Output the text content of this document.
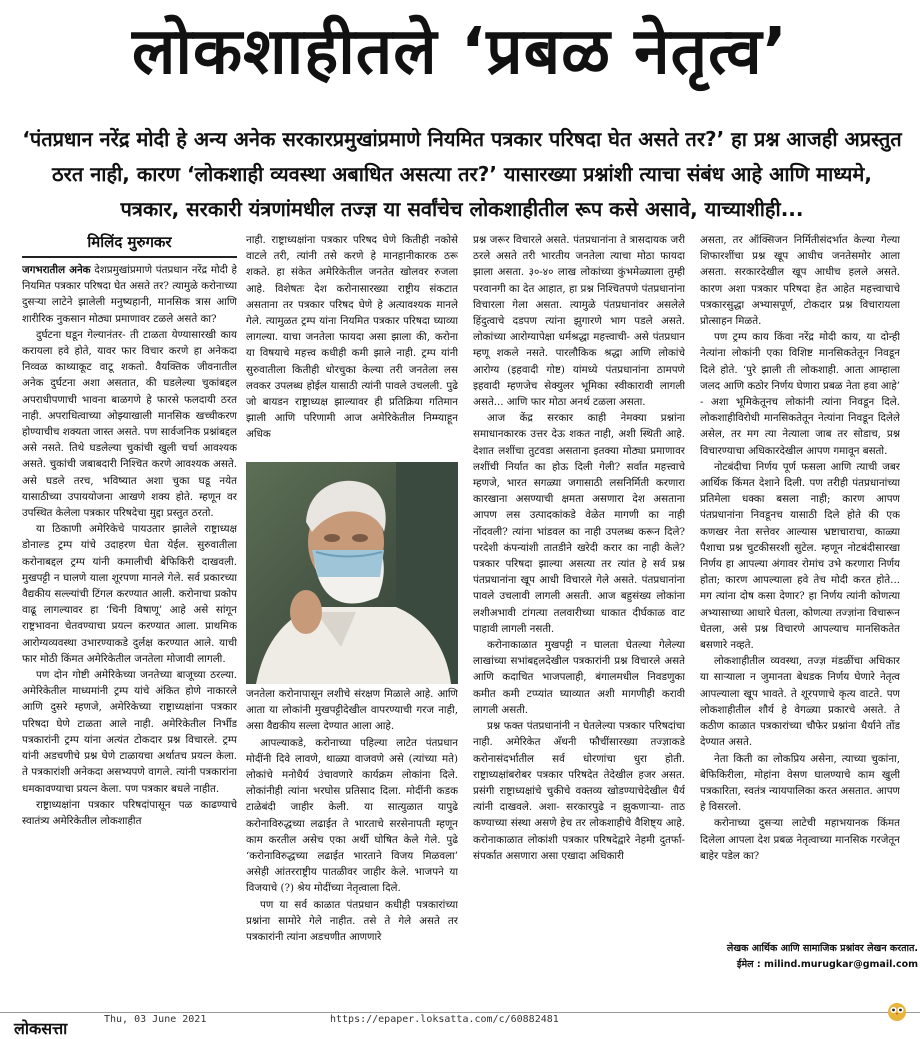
लोकशाहीतले ‘प्रबळ नेतृत्व’
‘पंतप्रधान नरेंद्र मोदी हे अन्य अनेक सरकारप्रमुखांप्रमाणे नियमित पत्रकार परिषदा घेत असते तर?’ हा प्रश्न आजही अप्रस्तुत ठरत नाही, कारण ‘लोकशाही व्यवस्था अबाधित असत्या तर?’ यासारख्या प्रश्नांशी त्याचा संबंध आहे आणि माध्यमे, पत्रकार, सरकारी यंत्रणांमधील तज्ज्ञ या सर्वांचेच लोकशाहीतील रूप कसे असावे, याच्याशीही...
मिलिंद मुरुगकर

जगभरातील अनेक देशप्रमुखांप्रमाणे पंतप्रधान नरेंद्र मोदी हे नियमित पत्रकार परिषदा घेत असते तर? त्यामुळे करोनाच्या दुसऱ्या लाटेने झालेली मनुष्यहानी, मानसिक त्रास आणि शारीरिक नुकसान मोठ्या प्रमाणावर टळले असते का?

दुर्घटना घडून गेल्यानंतर- ती टाळता येण्यासारखी काय करायला हवे होते, यावर फार विचार करणे हा अनेकदा निव्वळ काथ्याकूट वाटू शकतो. वैयक्तिक जीवनातील अनेक दुर्घटना अशा असतात, की घडलेल्या चुकांबद्दल अपराधीपणाची भावना बाळगणे हे फारसे फलदायी ठरत नाही. अपराधित्वाच्या ओझ्याखाली मानसिक खच्चीकरण होण्याचीच शक्यता जास्त असते. पण सार्वजनिक प्रश्नांबद्दल असे नसते. तिथे घडलेल्या चुकांची खुली चर्चा आवश्यक असते. चुकांची जबाबदारी निश्चित करणे आवश्यक असते. असे घडले तरच, भविष्यात अशा चुका घडू नयेत यासाठीच्या उपाययोजना आखणे शक्य होते. म्हणून वर उपस्थित केलेला पत्रकार परिषदेचा मुद्दा प्रस्तुत ठरतो.

या ठिकाणी अमेरिकेचे पायउतार झालेले राष्ट्राध्यक्ष डोनाल्ड ट्रम्प यांचे उदाहरण घेता येईल. सुरुवातीला करोनाबद्दल ट्रम्प यांनी कमालीची बेफिकिरी दाखवली. मुखपट्टी न घालणे याला शूरपणा मानले गेले. सर्व प्रकारच्या वैद्यकीय सल्ल्यांची टिंगल करण्यात आली. करोनाचा प्रकोप वाढू लागल्यावर हा ‘चिनी विषाणू’ आहे असे सांगून राष्ट्रभावना चेतवण्याचा प्रयत्न करण्यात आला. प्राथमिक आरोग्यव्यवस्था उभारण्याकडे दुर्लक्ष करण्यात आले. याची फार मोठी किंमत अमेरिकेतील जनतेला मोजावी लागली.

पण दोन गोष्टी अमेरिकेच्या जनतेच्या बाजूच्या ठरल्या. अमेरिकेतील माध्यमांनी ट्रम्प यांचे अंकित होणे नाकारले आणि दुसरे म्हणजे, अमेरिकेच्या राष्ट्राध्यक्षांना पत्रकार परिषदा घेणे टाळता आले नाही. अमेरिकेतील निर्भीड पत्रकारांनी ट्रम्प यांना अत्यंत टोकदार प्रश्न विचारले. ट्रम्प यांनी अडचणीचे प्रश्न घेणे टाळायचा अर्थातच प्रयत्न केला. ते पत्रकारांशी अनेकदा असभ्यपणे वागले. त्यांनी पत्रकारांना धमकावण्याचा प्रयत्न केला. पण पत्रकार बधले नाहीत.

राष्ट्राध्यक्षांना पत्रकार परिषदांपासून पळ काढण्याचे स्वातंत्र्य अमेरिकेतील लोकशाहीत

नाही. राष्ट्राध्यक्षांना पत्रकार परिषद घेणे कितीही नकोसे वाटले तरी, त्यांनी तसे करणे हे मानहानीकारक ठरू शकते. हा संकेत अमेरिकेतील जनतेत खोलवर रुजला आहे. विशेषतः देश करोनासारख्या राष्ट्रीय संकटात असताना तर पत्रकार परिषद घेणे हे अत्यावश्यक मानले गेले. त्यामुळत ट्रम्प यांना नियमित पत्रकार परिषदा घ्याव्या लागल्या. याचा जनतेला फायदा असा झाला की, करोना या विषयाचे महत्त्व कधीही कमी झाले नाही. ट्रम्प यांनी सुरुवातीला कितीही धोरचुका केल्या तरी जनतेला लस लवकर उपलब्ध होईल यासाठी त्यांनी पावले उचलली. पुढे जो बायडन राष्ट्राध्यक्ष झाल्यावर ही प्रतिक्रिया गतिमान झाली आणि परिणामी आज अमेरिकेतील निम्म्याहून अधिक

जनतेला करोनापासून लशीचे संरक्षण मिळाले आहे. आणि आता या लोकांनी मुखपट्टीदेखील वापरण्याची गरज नाही, असा वैद्यकीय सल्ला देण्यात आला आहे.

आपल्याकडे, करोनाच्या पहिल्या लाटेत पंतप्रधान मोदींनी दिवे लावणे, थाळ्या वाजवणे असे (त्यांच्या मते) लोकांचे मनोधैर्य उंचावणारे कार्यक्रम लोकांना दिले. लोकांनीही त्यांना भरघोस प्रतिसाद दिला. मोदींनी कडक टाळेबंदी जाहीर केली. या सात्युळात यापुढे करोनाविरुद्धच्या लढाईत ते भारताचे सरसेनापती म्हणून काम करतील असेच एका अर्थी घोषित केले गेले. पुढे ‘करोनाविरुद्धच्या लढाईत भारताने विजय मिळवला’ असेही आंतरराष्ट्रीय पातळीवर जाहीर केले. भाजपने या विजयाचे (?) श्रेय मोदींच्या नेतृत्वाला दिले.

पण या सर्व काळात पंतप्रधान कधीही पत्रकारांच्या प्रश्नांना सामोरे गेले नाहीत. तसे ते गेले असते तर पत्रकारांनी त्यांना अडचणीत आणणारे

प्रश्न जरूर विचारले असते. पंतप्रधानांना ते त्रासदायक जरी ठरले असते तरी भारतीय जनतेला त्याचा मोठा फायदा झाला असता. ३०-४० लाख लोकांच्या कुंभमेळ्याला तुम्ही परवानगी का देत आहात, हा प्रश्न निश्चितपणे पंतप्रधानांना विचारला गेला असता. त्यामुळे पंतप्रधानांवर असलेले हिंदुत्वाचे दडपण त्यांना झुगारणे भाग पडले असते. लोकांच्या आरोग्यापेक्षा धर्मश्रद्धा महत्त्वाची- असे पंतप्रधान म्हणू शकले नसते. पारलौकिक श्रद्धा आणि लोकांचे आरोग्य (इहवादी गोष्ट) यांमध्ये पंतप्रधानांना ठामपणे इहवादी म्हणजेच सेक्युलर भूमिका स्वीकारावी लागली असते... आणि फार मोठा अनर्थ टळला असता.

आज केंद्र सरकार काही नेमक्या प्रश्नांना समाधानकारक उत्तर देऊ शकत नाही, अशी स्थिती आहे. देशात लशींचा तुटवडा असताना इतक्या मोठ्या प्रमाणावर लशींची निर्यात का होऊ दिली गेली? सर्वात महत्त्वाचे म्हणजे, भारत सगळ्या जगासाठी लसनिर्मिती करणारा कारखाना असण्याची क्षमता असणारा देश असताना आपण लस उत्पादकांकडे वेळेत मागणी का नाही नोंदवली? त्यांना भांडवल का नाही उपलब्ध करून दिले? परदेशी कंपन्यांशी तातडीने खरेदी करार का नाही केले? पत्रकार परिषदा झाल्या असत्या तर त्यांत हे सर्व प्रश्न पंतप्रधानांना खूप आधी विचारले गेले असते. पंतप्रधानांना पावले उचलावी लागली असती. आज बहुसंख्य लोकांना लशीअभावी टांगत्या तलवारीच्या धाकात दीर्घकाळ वाट पाहावी लागली नसती.

करोनाकाळात मुखपट्टी न घालता घेतल्या गेलेल्या लाखांच्या सभांबद्दलदेखील पत्रकारांनी प्रश्न विचारले असते आणि कदाचित भाजपलाही, बंगालमधील निवडणुका कमीत कमी टप्प्यांत घ्याव्यात अशी मागणीही करावी लागली असती.

प्रश्न फक्त पंतप्रधानांनी न घेतलेल्या पत्रकार परिषदांचा नाही. अमेरिकेत अँथनी फौचींसारख्या तज्ज्ञाकडे करोनासंदर्भातील सर्व धोरणांचा धुरा होती. राष्ट्राध्यक्षांबरोबर पत्रकार परिषदेत तेदेखील हजर असत. प्रसंगी राष्ट्राध्यक्षांचे चुकीचे वक्तव्य खोडण्याचेदेखील धैर्य त्यांनी दाखवले. अशा- सरकारपुढे न झुकणाऱ्या- ताठ कण्याच्या संस्था असणे हेच तर लोकशाहीचे वैशिष्ट्य आहे. करोनाकाळात लोकांशी पत्रकार परिषदेद्वारे नेहमी दुतर्फा-संपर्कात असणारा असा एखादा अधिकारी

असता, तर ऑक्सिजन निर्मितीसंदर्भात केल्या गेल्या शिफारशींचा प्रश्न खूप आधीच जनतेसमोर आला असता. सरकारदेखील खूप आधीच हलले असते. कारण अशा पत्रकार परिषदा हेत आहेत महत्त्वाचाचे पत्रकारसुद्धा अभ्यासपूर्ण, टोकदार प्रश्न विचारायला प्रोत्साहन मिळते.

पण ट्रम्प काय किंवा नरेंद्र मोदी काय, या दोन्ही नेत्यांना लोकांनी एका विशिष्ट मानसिकतेतून निवडून दिले होते. ‘पुरे झाली ती लोकशाही. आता आम्हाला जलद आणि कठोर निर्णय घेणारा प्रबळ नेता हवा आहे’ - अशा भूमिकेतूनच लोकांनी त्यांना निवडून दिले. लोकशाहीविरोधी मानसिकतेतून नेत्यांना निवडून दिलेले असेल, तर मग त्या नेत्याला जाब तर सोडाच, प्रश्न विचारण्याचा अधिकारदेखील आपण गमावून बसतो.

नोटबंदीचा निर्णय पूर्ण फसला आणि त्याची जबर आर्थिक किंमत देशाने दिली. पण तरीही पंतप्रधानांच्या प्रतिमेला धक्का बसला नाही; कारण आपण पंतप्रधानांना निवडूनच यासाठी दिले होते की एक कणखर नेता सत्तेवर आल्यास भ्रष्टाचाराचा, काळ्या पैशाचा प्रश्न चुटकीसरशी सुटेल. म्हणून नोटबंदीसारखा निर्णय हा आपल्या अंगावर रोमांच उभे करणारा निर्णय होता; कारण आपल्याला हवे तेच मोदी करत होते... मग त्यांना दोष कसा देणार? हा निर्णय त्यांनी कोणत्या अभ्यासाच्या आधारे घेतला, कोणत्या तज्ज्ञांना विचारून घेतला, असे प्रश्न विचारणे आपल्याच मानसिकतेत बसणारे नव्हते.

लोकशाहीतील व्यवस्था, तज्ज्ञ मंडळींचा अधिकार या साऱ्याला न जुमानता बेधडक निर्णय घेणारे नेतृत्व आपल्याला खूप भावते. ते शूरपणाचे कृत्य वाटते. पण लोकशाहीतील शौर्य हे वेगळ्या प्रकारचे असते. ते कठीण काळात पत्रकारांच्या चौफेर प्रश्नांना धैर्याने तोंड देण्यात असते.

नेता किती का लोकप्रिय असेना, त्याच्या चुकांना, बेफिकिरीला, मोहांना वेसण घालण्याचे काम खुली पत्रकारिता, स्वतंत्र न्यायपालिका करत असतात. आपण हे विसरलो.

करोनाच्या दुसऱ्या लाटेची महाभयानक किंमत दिलेला आपला देश प्रबळ नेतृत्वाच्या मानसिक गरजेतून बाहेर पडेल का?

लेखक आर्थिक आणि सामाजिक प्रश्नांवर लेखन करतात.
ईमेल : milind.murugkar@gmail.com
लोकसत्ता	Thu, 03 June 2021	https://epaper.loksatta.com/c/60882481
